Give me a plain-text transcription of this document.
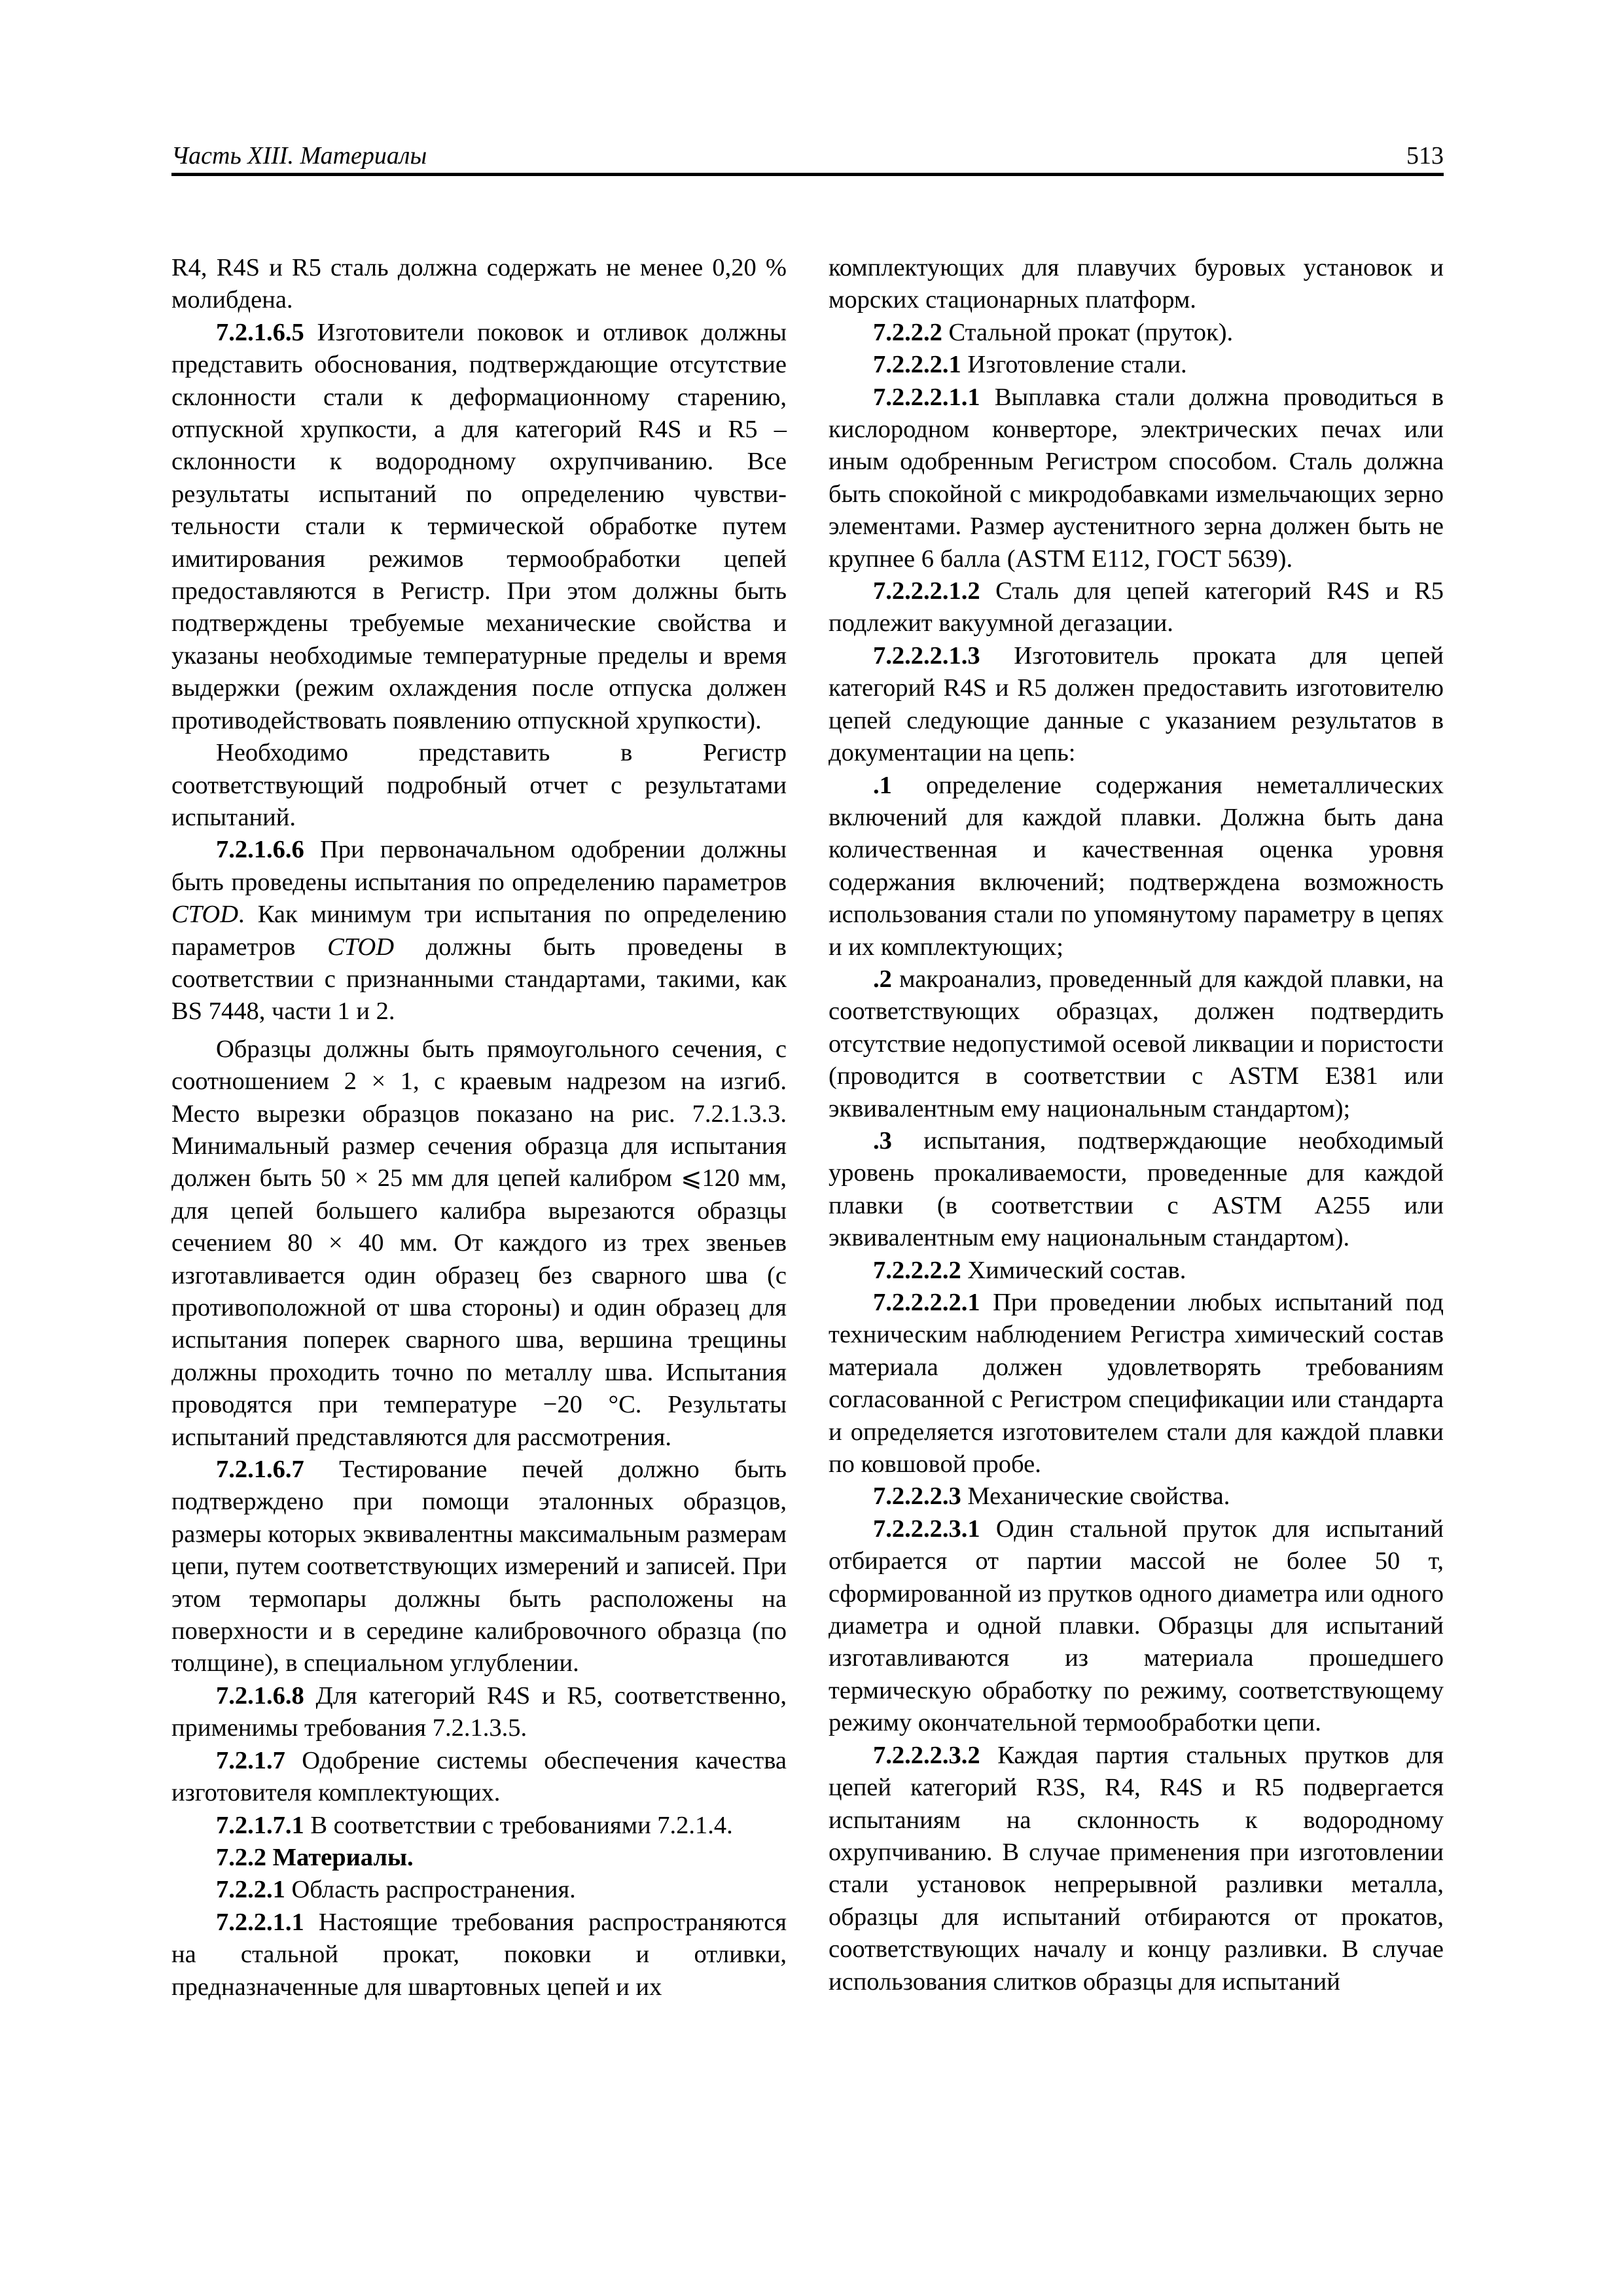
Часть XIII. Материалы	513

R4, R4S и R5 сталь должна содержать не менее 0,20 % молибдена.

7.2.1.6.5 Изготовители поковок и отливок должны представить обоснования, подтверждающие отсутствие склонности стали к деформационному старению, отпускной хрупкости, а для категорий R4S и R5 – склонности к водородному охрупчиванию. Все результаты испытаний по определению чувстви-тельности стали к термической обработке путем имитирования режимов термообработки цепей предоставляются в Регистр. При этом должны быть подтверждены требуемые механические свойства и указаны необходимые температурные пределы и время выдержки (режим охлаждения после отпуска должен противодействовать появлению отпускной хрупкости).

Необходимо представить в Регистр соответствующий подробный отчет с результатами испытаний.

7.2.1.6.6 При первоначальном одобрении должны быть проведены испытания по определению параметров CTOD. Как минимум три испытания по определению параметров CTOD должны быть проведены в соответствии с признанными стандартами, такими, как BS 7448, части 1 и 2.

Образцы должны быть прямоугольного сечения, с соотношением 2 × 1, с краевым надрезом на изгиб. Место вырезки образцов показано на рис. 7.2.1.3.3. Минимальный размер сечения образца для испытания должен быть 50 × 25 мм для цепей калибром ⩽120 мм, для цепей большего калибра вырезаются образцы сечением 80 × 40 мм. От каждого из трех звеньев изготавливается один образец без сварного шва (с противоположной от шва стороны) и один образец для испытания поперек сварного шва, вершина трещины должны проходить точно по металлу шва. Испытания проводятся при температуре −20 °C. Результаты испытаний представляются для рассмотрения.

7.2.1.6.7 Тестирование печей должно быть подтверждено при помощи эталонных образцов, размеры которых эквивалентны максимальным размерам цепи, путем соответствующих измерений и записей. При этом термопары должны быть расположены на поверхности и в середине калибровочного образца (по толщине), в специальном углублении.

7.2.1.6.8 Для категорий R4S и R5, соответственно, применимы требования 7.2.1.3.5.

7.2.1.7 Одобрение системы обеспечения качества изготовителя комплектующих.

7.2.1.7.1 В соответствии с требованиями 7.2.1.4.

7.2.2 Материалы.

7.2.2.1 Область распространения.

7.2.2.1.1 Настоящие требования распространяются на стальной прокат, поковки и отливки, предназначенные для швартовных цепей и их

комплектующих для плавучих буровых установок и морских стационарных платформ.

7.2.2.2 Стальной прокат (пруток).

7.2.2.2.1 Изготовление стали.

7.2.2.2.1.1 Выплавка стали должна проводиться в кислородном конверторе, электрических печах или иным одобренным Регистром способом. Сталь должна быть спокойной с микродобавками измельчающих зерно элементами. Размер аустенитного зерна должен быть не крупнее 6 балла (ASTM E112, ГОСТ 5639).

7.2.2.2.1.2 Сталь для цепей категорий R4S и R5 подлежит вакуумной дегазации.

7.2.2.2.1.3 Изготовитель проката для цепей категорий R4S и R5 должен предоставить изготовителю цепей следующие данные с указанием результатов в документации на цепь:

.1 определение содержания неметаллических включений для каждой плавки. Должна быть дана количественная и качественная оценка уровня содержания включений; подтверждена возможность использования стали по упомянутому параметру в цепях и их комплектующих;

.2 макроанализ, проведенный для каждой плавки, на соответствующих образцах, должен подтвердить отсутствие недопустимой осевой ликвации и пористости (проводится в соответствии с ASTM E381 или эквивалентным ему национальным стандартом);

.3 испытания, подтверждающие необходимый уровень прокаливаемости, проведенные для каждой плавки (в соответствии с ASTM A255 или эквивалентным ему национальным стандартом).

7.2.2.2.2 Химический состав.

7.2.2.2.2.1 При проведении любых испытаний под техническим наблюдением Регистра химический состав материала должен удовлетворять требованиям согласованной с Регистром спецификации или стандарта и определяется изготовителем стали для каждой плавки по ковшовой пробе.

7.2.2.2.3 Механические свойства.

7.2.2.2.3.1 Один стальной пруток для испытаний отбирается от партии массой не более 50 т, сформированной из прутков одного диаметра или одного диаметра и одной плавки. Образцы для испытаний изготавливаются из материала прошедшего термическую обработку по режиму, соответствующему режиму окончательной термообработки цепи.

7.2.2.2.3.2 Каждая партия стальных прутков для цепей категорий R3S, R4, R4S и R5 подвергается испытаниям на склонность к водородному охрупчиванию. В случае применения при изготовлении стали установок непрерывной разливки металла, образцы для испытаний отбираются от прокатов, соответствующих началу и концу разливки. В случае использования слитков образцы для испытаний
